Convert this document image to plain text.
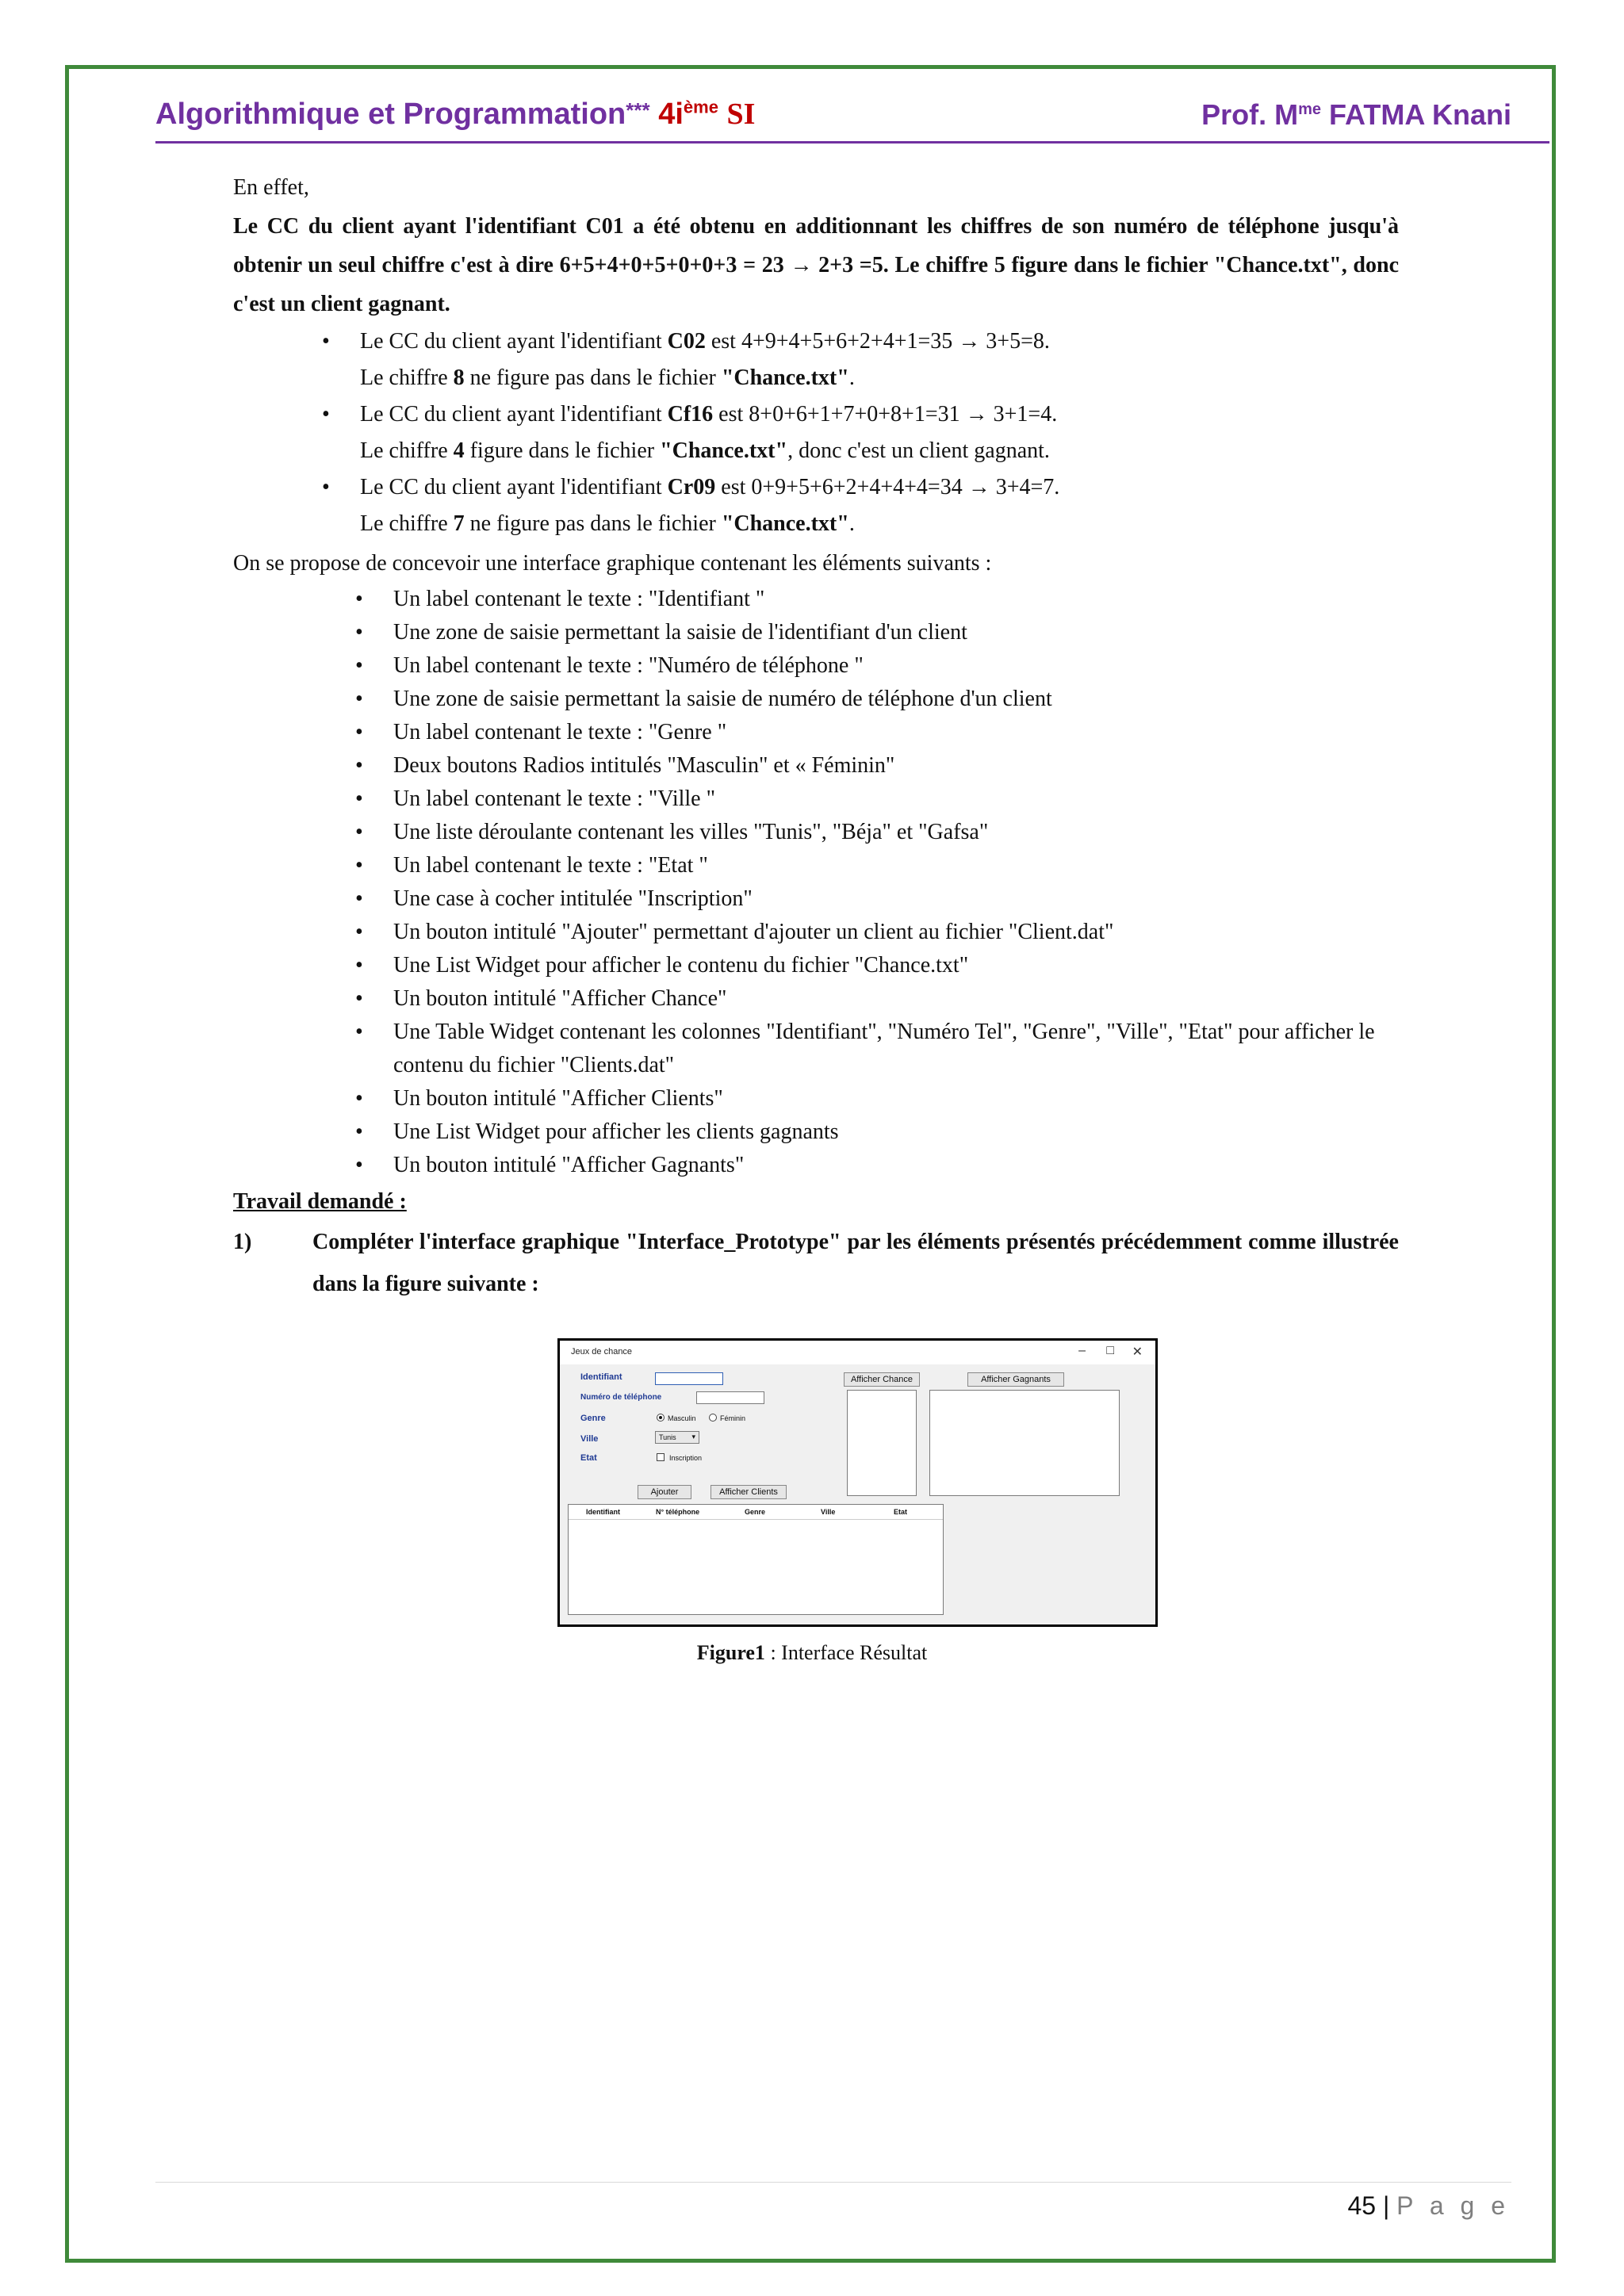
Algorithmique et Programmation*** $4i^{ème}$ SI	Prof. $M^{me}$ FATMA Knani

En effet,

Le CC du client ayant l'identifiant C01 a été obtenu en additionnant les chiffres de son numéro de téléphone jusqu'à obtenir un seul chiffre c'est à dire 6+5+4+0+5+0+0+3 = 23 → 2+3 =5. Le chiffre 5 figure dans le fichier "Chance.txt", donc c'est un client gagnant.

• Le CC du client ayant l'identifiant C02 est 4+9+4+5+6+2+4+1=35 → 3+5=8.
Le chiffre 8 ne figure pas dans le fichier "Chance.txt".
• Le CC du client ayant l'identifiant Cf16 est 8+0+6+1+7+0+8+1=31 → 3+1=4.
Le chiffre 4 figure dans le fichier "Chance.txt", donc c'est un client gagnant.
• Le CC du client ayant l'identifiant Cr09 est 0+9+5+6+2+4+4+4=34 → 3+4=7.
Le chiffre 7 ne figure pas dans le fichier "Chance.txt".

On se propose de concevoir une interface graphique contenant les éléments suivants :

• Un label contenant le texte : "Identifiant "
• Une zone de saisie permettant la saisie de l'identifiant d'un client
• Un label contenant le texte : "Numéro de téléphone "
• Une zone de saisie permettant la saisie de numéro de téléphone d'un client
• Un label contenant le texte : "Genre "
• Deux boutons Radios intitulés "Masculin" et « Féminin"
• Un label contenant le texte : "Ville "
• Une liste déroulante contenant les villes "Tunis", "Béja" et "Gafsa"
• Un label contenant le texte : "Etat "
• Une case à cocher intitulée "Inscription"
• Un bouton intitulé "Ajouter" permettant d'ajouter un client au fichier "Client.dat"
• Une List Widget pour afficher le contenu du fichier "Chance.txt"
• Un bouton intitulé "Afficher Chance"
• Une Table Widget contenant les colonnes "Identifiant", "Numéro Tel", "Genre", "Ville", "Etat" pour afficher le contenu du fichier "Clients.dat"
• Un bouton intitulé "Afficher Clients"
• Une List Widget pour afficher les clients gagnants
• Un bouton intitulé "Afficher Gagnants"

Travail demandé :

1)	Compléter l'interface graphique "Interface_Prototype" par les éléments présentés précédemment comme illustrée dans la figure suivante :

Jeux de chance	– □ ✕
Identifiant
Numéro de téléphone
Genre	Masculin	Féminin
Ville	Tunis ▾
Etat	Inscription
Ajouter	Afficher Clients
Identifiant	N° téléphone	Genre	Ville	Etat
Afficher Chance	Afficher Gagnants
Figure1 : Interface Résultat
45 | P a g e
